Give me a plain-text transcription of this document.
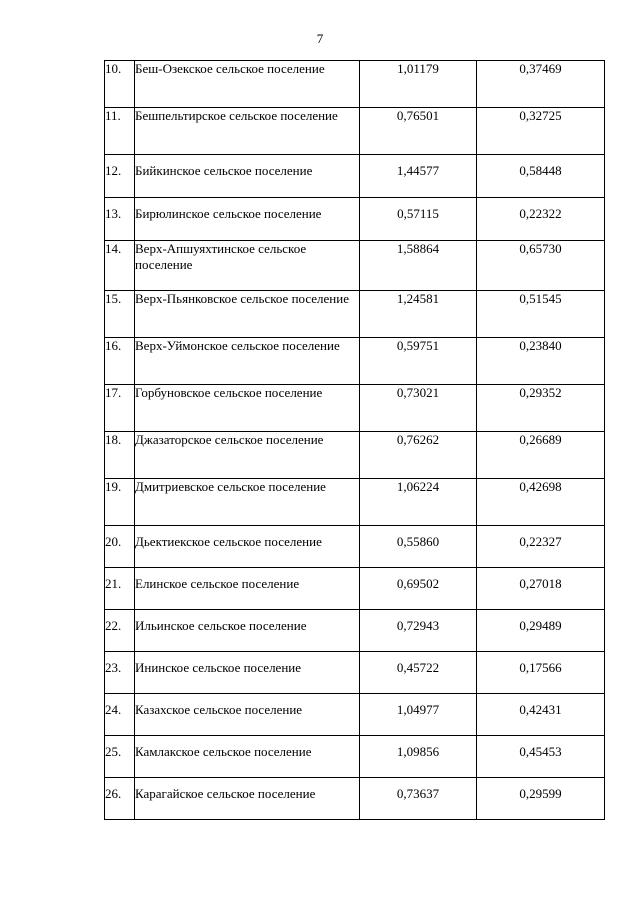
7
10.	Беш-Озекское сельское поселение	1,01179	0,37469
11.	Бешпельтирское сельское поселение	0,76501	0,32725
12.	Бийкинское сельское поселение	1,44577	0,58448
13.	Бирюлинское сельское поселение	0,57115	0,22322
14.	Верх-Апшуяхтинское сельское поселение	1,58864	0,65730
15.	Верх-Пьянковское сельское поселение	1,24581	0,51545
16.	Верх-Уймонское сельское поселение	0,59751	0,23840
17.	Горбуновское сельское поселение	0,73021	0,29352
18.	Джазаторское сельское поселение	0,76262	0,26689
19.	Дмитриевское сельское поселение	1,06224	0,42698
20.	Дьектиекское сельское поселение	0,55860	0,22327
21.	Елинское сельское поселение	0,69502	0,27018
22.	Ильинское сельское поселение	0,72943	0,29489
23.	Ининское сельское поселение	0,45722	0,17566
24.	Казахское сельское поселение	1,04977	0,42431
25.	Камлакское сельское поселение	1,09856	0,45453
26.	Карагайское сельское поселение	0,73637	0,29599
